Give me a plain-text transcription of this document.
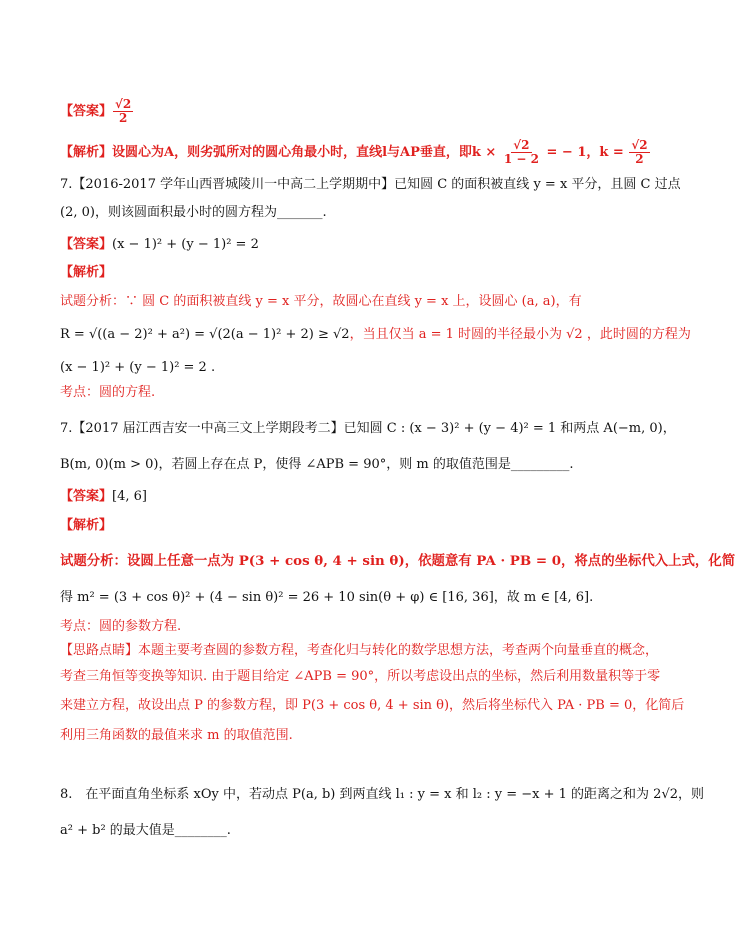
【答案】 $\frac{√2}{2}$
【解析】设圆心为A，则劣弧所对的圆心角最小时，直线l与AP垂直，即$k \times \frac{√2}{1 - 2}$ = − 1，$k = \frac{√2}{2}$
7.【2016-2017 学年山西晋城陵川一中高二上学期期中】已知圆 C 的面积被直线 y = x 平分，且圆 C 过点
(2, 0)，则该圆面积最小时的圆方程为_______.
【答案】(x − 1)² + (y − 1)² = 2
【解析】
试题分析：∵ 圆 C 的面积被直线 y = x 平分，故圆心在直线 y = x 上，设圆心 (a, a)，有
R = √((a − 2)² + a²) = √(2(a − 1)² + 2) ≥ √2，当且仅当 a = 1 时圆的半径最小为 √2 ，此时圆的方程为
(x − 1)² + (y − 1)² = 2 .
考点：圆的方程.
7.【2017 届江西吉安一中高三文上学期段考二】已知圆 C : (x − 3)² + (y − 4)² = 1 和两点 A(−m, 0)，
B(m, 0)(m > 0)，若圆上存在点 P，使得 ∠APB = 90°，则 m 的取值范围是_________.
【答案】[4, 6]
【解析】
试题分析：设圆上任意一点为 P(3 + cos θ, 4 + sin θ)，依题意有 PA · PB = 0，将点的坐标代入上式，化简
得 m² = (3 + cos θ)² + (4 − sin θ)² = 26 + 10 sin(θ + φ) ∈ [16, 36]，故 m ∈ [4, 6].
考点：圆的参数方程.
【思路点睛】本题主要考查圆的参数方程，考查化归与转化的数学思想方法，考查两个向量垂直的概念，
考查三角恒等变换等知识. 由于题目给定 ∠APB = 90°，所以考虑设出点的坐标，然后利用数量积等于零
来建立方程，故设出点 P 的参数方程，即 P(3 + cos θ, 4 + sin θ)，然后将坐标代入 PA · PB = 0，化简后
利用三角函数的最值来求 m 的取值范围.
8.　在平面直角坐标系 xOy 中，若动点 P(a, b) 到两直线 l₁ : y = x 和 l₂ : y = −x + 1 的距离之和为 2√2，则
a² + b² 的最大值是________.
